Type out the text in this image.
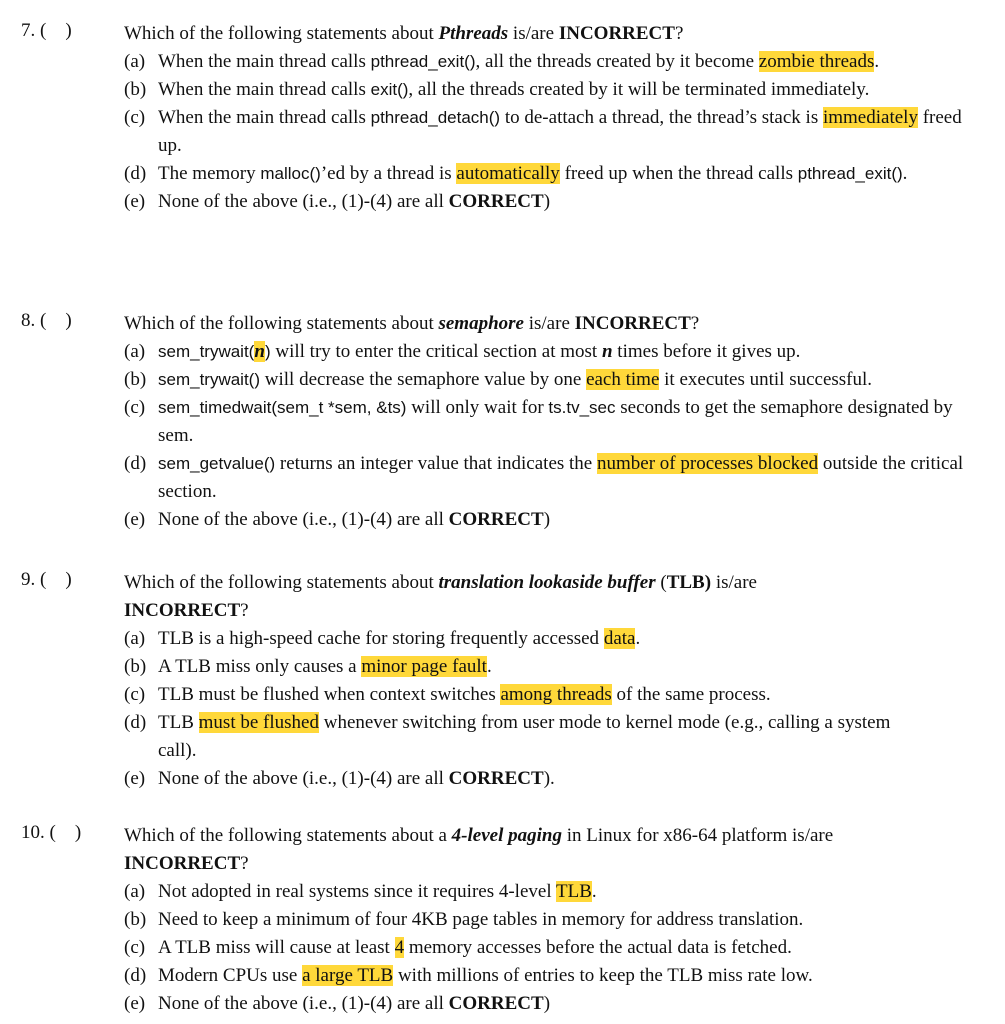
7. (    )	Which of the following statements about Pthreads is/are INCORRECT?
(a) When the main thread calls pthread_exit(), all the threads created by it become zombie threads.
(b) When the main thread calls exit(), all the threads created by it will be terminated immediately.
(c) When the main thread calls pthread_detach() to de-attach a thread, the thread’s stack is immediately freed up.
(d) The memory malloc()’ed by a thread is automatically freed up when the thread calls pthread_exit().
(e) None of the above (i.e., (1)-(4) are all CORRECT)
8. (    )	Which of the following statements about semaphore is/are INCORRECT?
(a) sem_trywait(n) will try to enter the critical section at most n times before it gives up.
(b) sem_trywait() will decrease the semaphore value by one each time it executes until successful.
(c) sem_timedwait(sem_t *sem, &ts) will only wait for ts.tv_sec seconds to get the semaphore designated by sem.
(d) sem_getvalue() returns an integer value that indicates the number of processes blocked outside the critical section.
(e) None of the above (i.e., (1)-(4) are all CORRECT)
9. (    )	Which of the following statements about translation lookaside buffer (TLB) is/are INCORRECT?
(a) TLB is a high-speed cache for storing frequently accessed data.
(b) A TLB miss only causes a minor page fault.
(c) TLB must be flushed when context switches among threads of the same process.
(d) TLB must be flushed whenever switching from user mode to kernel mode (e.g., calling a system call).
(e) None of the above (i.e., (1)-(4) are all CORRECT).
10. (    ) Which of the following statements about a 4-level paging in Linux for x86-64 platform is/are INCORRECT?
(a) Not adopted in real systems since it requires 4-level TLB.
(b) Need to keep a minimum of four 4KB page tables in memory for address translation.
(c) A TLB miss will cause at least 4 memory accesses before the actual data is fetched.
(d) Modern CPUs use a large TLB with millions of entries to keep the TLB miss rate low.
(e) None of the above (i.e., (1)-(4) are all CORRECT)
